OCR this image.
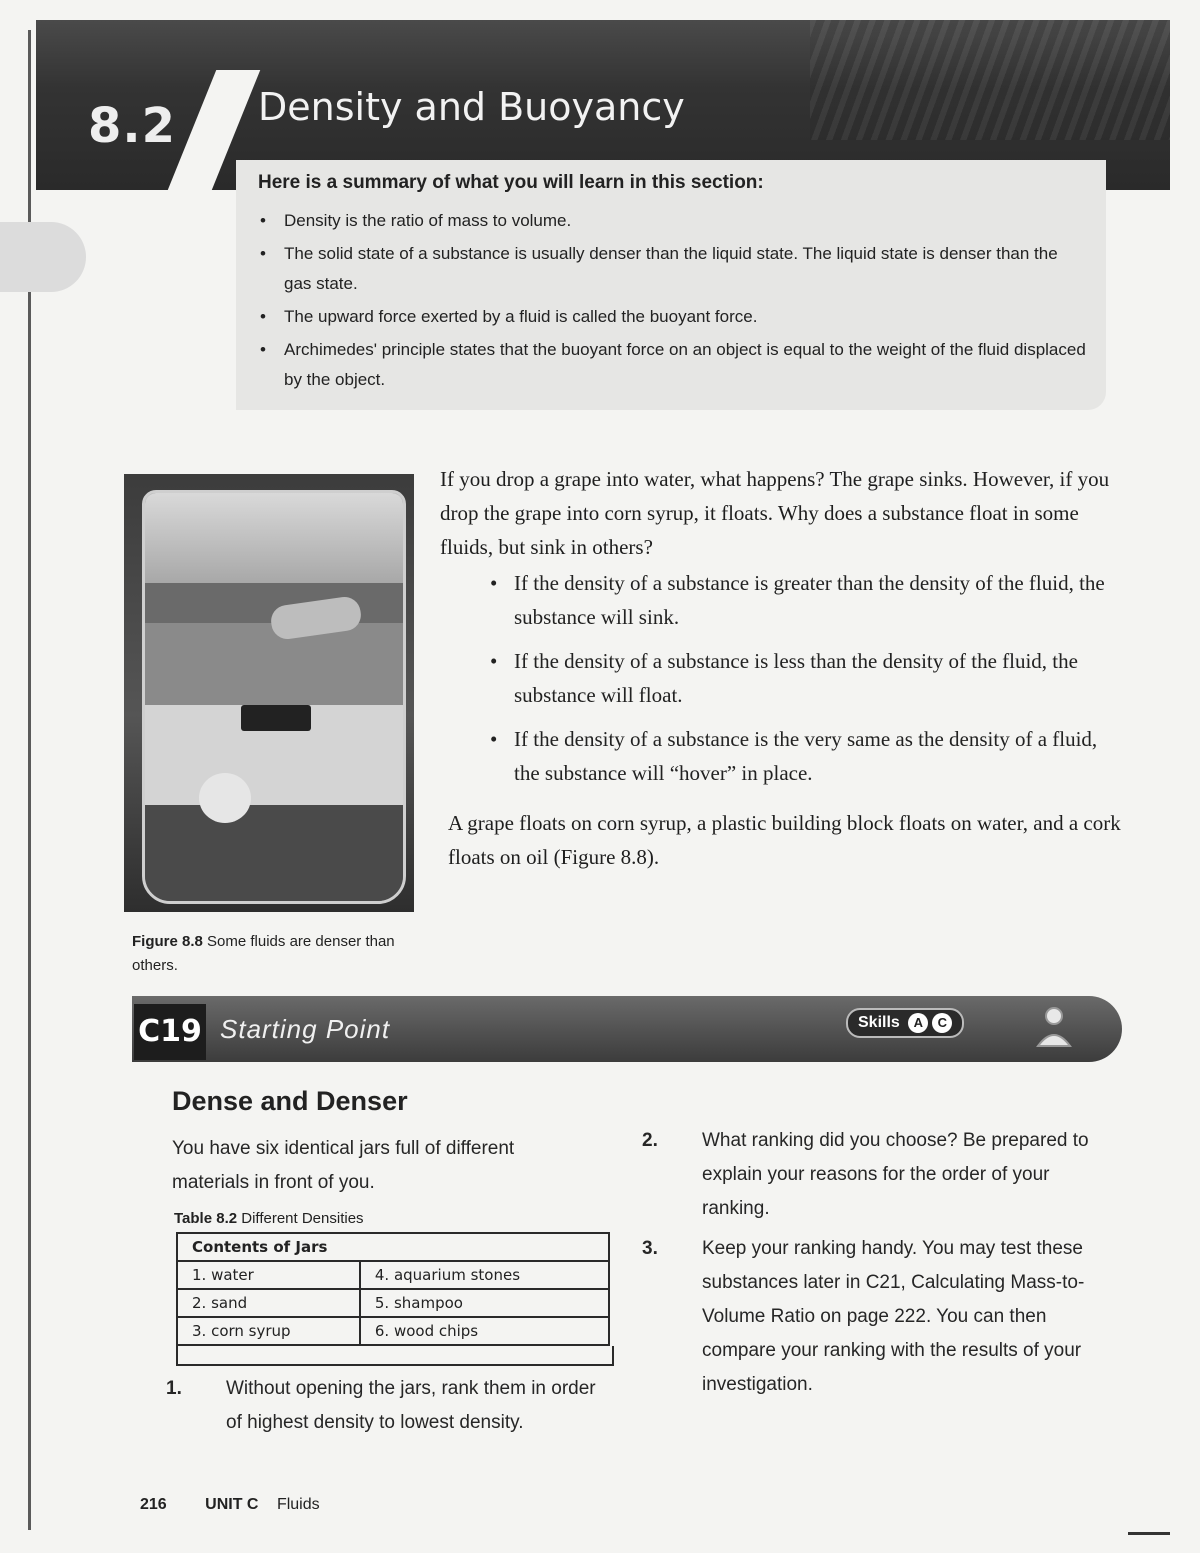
8.2 Density and Buoyancy
Here is a summary of what you will learn in this section:
• Density is the ratio of mass to volume.
• The solid state of a substance is usually denser than the liquid state. The liquid state is denser than the gas state.
• The upward force exerted by a fluid is called the buoyant force.
• Archimedes' principle states that the buoyant force on an object is equal to the weight of the fluid displaced by the object.
Figure 8.8 Some fluids are denser than others.
If you drop a grape into water, what happens? The grape sinks. However, if you drop the grape into corn syrup, it floats. Why does a substance float in some fluids, but sink in others?
• If the density of a substance is greater than the density of the fluid, the substance will sink.
• If the density of a substance is less than the density of the fluid, the substance will float.
• If the density of a substance is the very same as the density of a fluid, the substance will “hover” in place.
A grape floats on corn syrup, a plastic building block floats on water, and a cork floats on oil (Figure 8.8).
C19 Starting Point	Skills A C
Dense and Denser
You have six identical jars full of different materials in front of you.
Table 8.2 Different Densities
Contents of Jars	
1. water	4. aquarium stones
2. sand	5. shampoo
3. corn syrup	6. wood chips
1. Without opening the jars, rank them in order of highest density to lowest density.
2. What ranking did you choose? Be prepared to explain your reasons for the order of your ranking.
3. Keep your ranking handy. You may test these substances later in C21, Calculating Mass-to-Volume Ratio on page 222. You can then compare your ranking with the results of your investigation.
216 UNIT C Fluids
